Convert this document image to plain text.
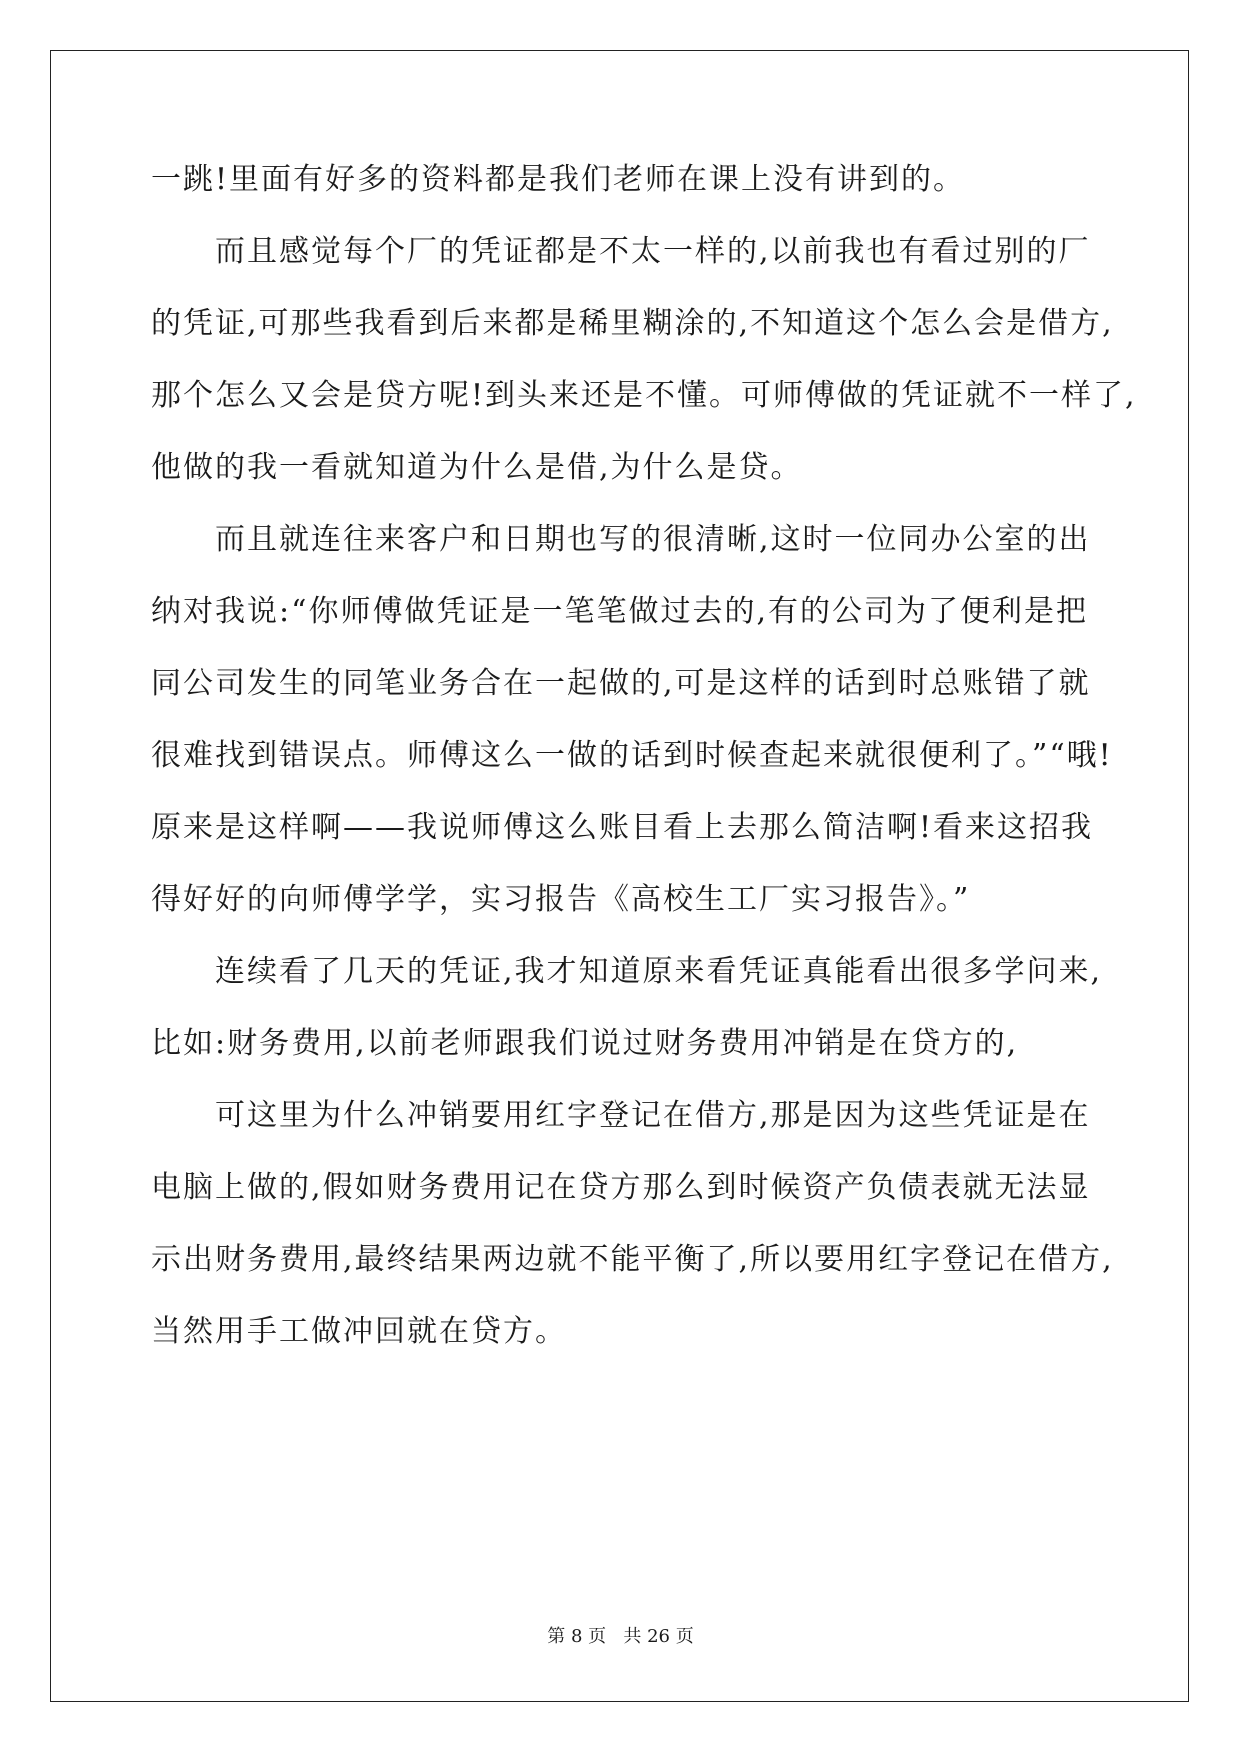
一跳!里面有好多的资料都是我们老师在课上没有讲到的。
而且感觉每个厂的凭证都是不太一样的,以前我也有看过别的厂
的凭证,可那些我看到后来都是稀里糊涂的,不知道这个怎么会是借方,
那个怎么又会是贷方呢!到头来还是不懂。可师傅做的凭证就不一样了,
他做的我一看就知道为什么是借,为什么是贷。
而且就连往来客户和日期也写的很清晰,这时一位同办公室的出
纳对我说:“你师傅做凭证是一笔笔做过去的,有的公司为了便利是把
同公司发生的同笔业务合在一起做的,可是这样的话到时总账错了就
很难找到错误点。师傅这么一做的话到时候查起来就很便利了。”“哦!
原来是这样啊——我说师傅这么账目看上去那么简洁啊!看来这招我
得好好的向师傅学学，实习报告《高校生工厂实习报告》。”
连续看了几天的凭证,我才知道原来看凭证真能看出很多学问来,
比如:财务费用,以前老师跟我们说过财务费用冲销是在贷方的,
可这里为什么冲销要用红字登记在借方,那是因为这些凭证是在
电脑上做的,假如财务费用记在贷方那么到时候资产负债表就无法显
示出财务费用,最终结果两边就不能平衡了,所以要用红字登记在借方,
当然用手工做冲回就在贷方。
第 8 页 共 26 页
